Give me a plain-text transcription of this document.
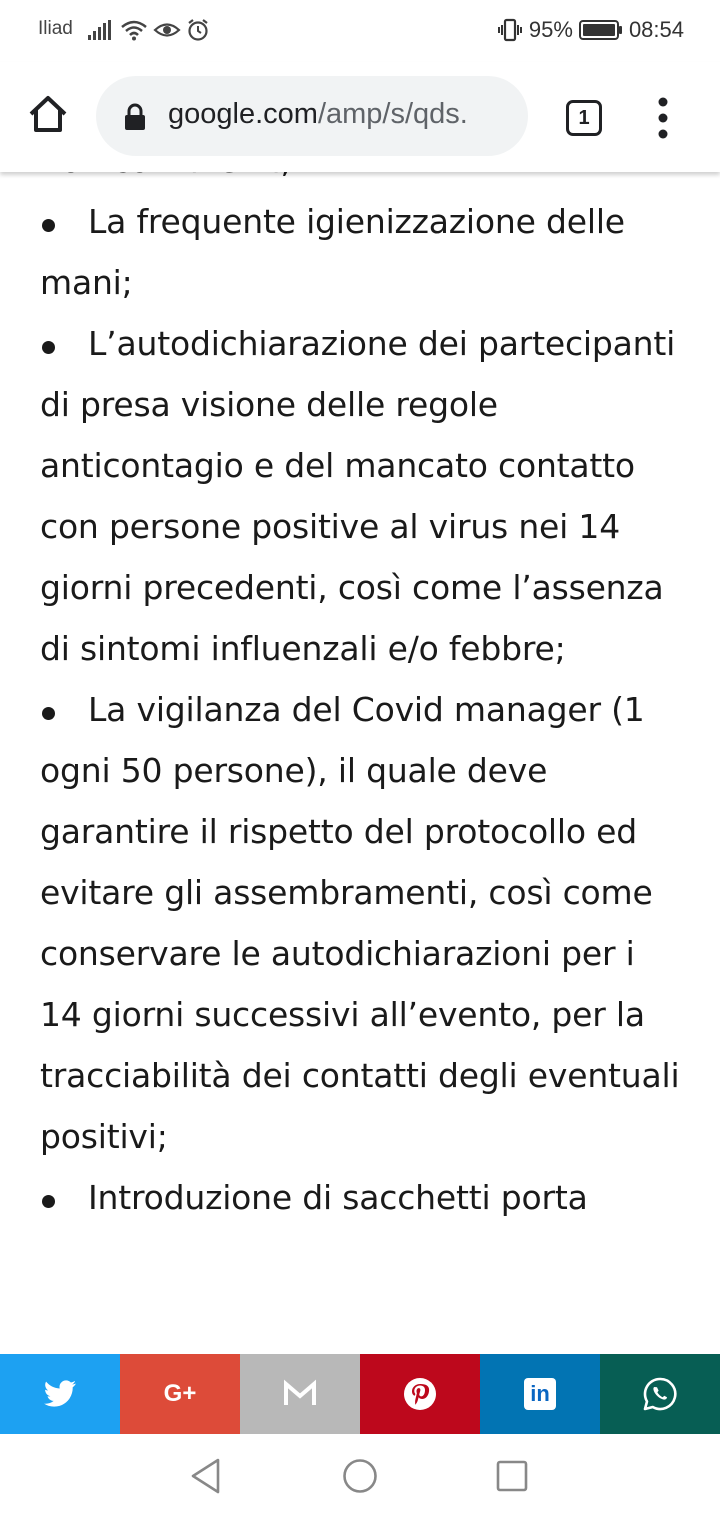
Iliad	95%	08:54
google.com/amp/s/qds.	1

La frequente igienizzazione delle mani;

L’autodichiarazione dei partecipanti di presa visione delle regole anticontagio e del mancato contatto con persone positive al virus nei 14 giorni precedenti, così come l’assenza di sintomi influenzali e/o febbre;

La vigilanza del Covid manager (1 ogni 50 persone), il quale deve garantire il rispetto del protocollo ed evitare gli assembramenti, così come conservare le autodichiarazioni per i 14 giorni successivi all’evento, per la tracciabilità dei contatti degli eventuali positivi;

Introduzione di sacchetti porta

G+	in
